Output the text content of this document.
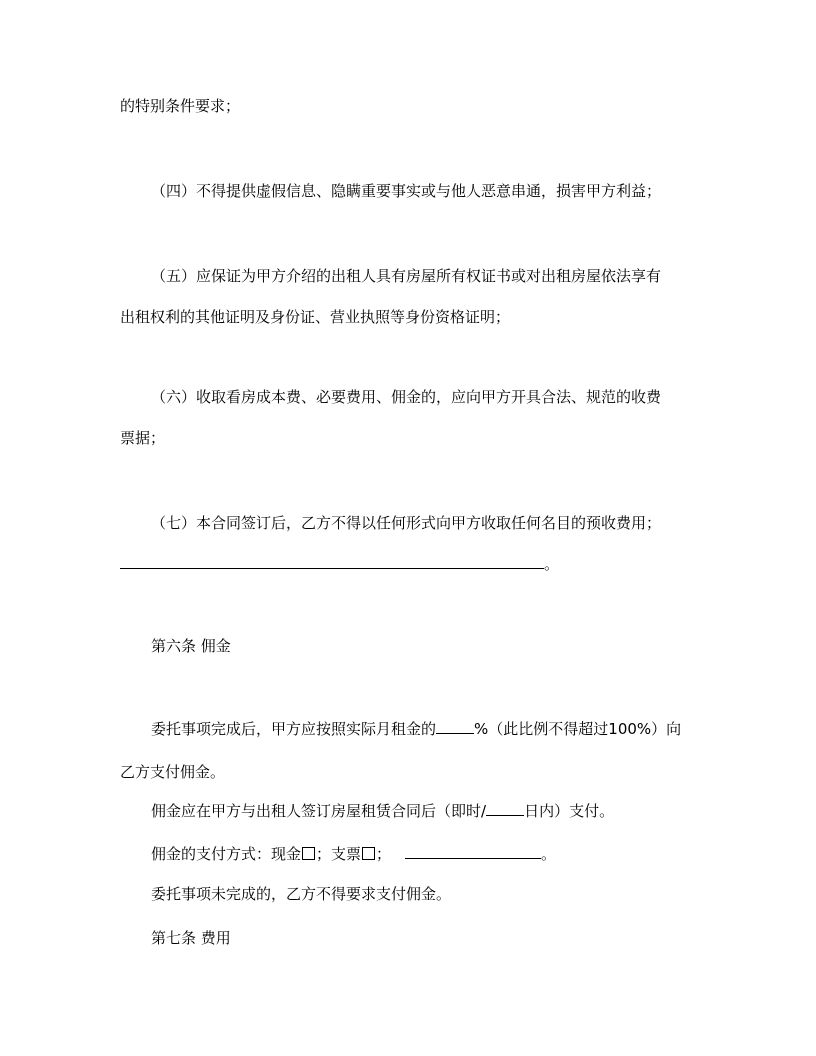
的特别条件要求；
（四）不得提供虚假信息、隐瞒重要事实或与他人恶意串通，损害甲方利益；
（五）应保证为甲方介绍的出租人具有房屋所有权证书或对出租房屋依法享有
出租权利的其他证明及身份证、营业执照等身份资格证明；
（六）收取看房成本费、必要费用、佣金的，应向甲方开具合法、规范的收费
票据；
（七）本合同签订后，乙方不得以任何形式向甲方收取任何名目的预收费用；
。
第六条 佣金
委托事项完成后，甲方应按照实际月租金的	%（此比例不得超过100%）向
乙方支付佣金。
佣金应在甲方与出租人签订房屋租赁合同后（即时/	日内）支付。
佣金的支付方式：现金 ；支票 ；	。
委托事项未完成的，乙方不得要求支付佣金。
第七条 费用
